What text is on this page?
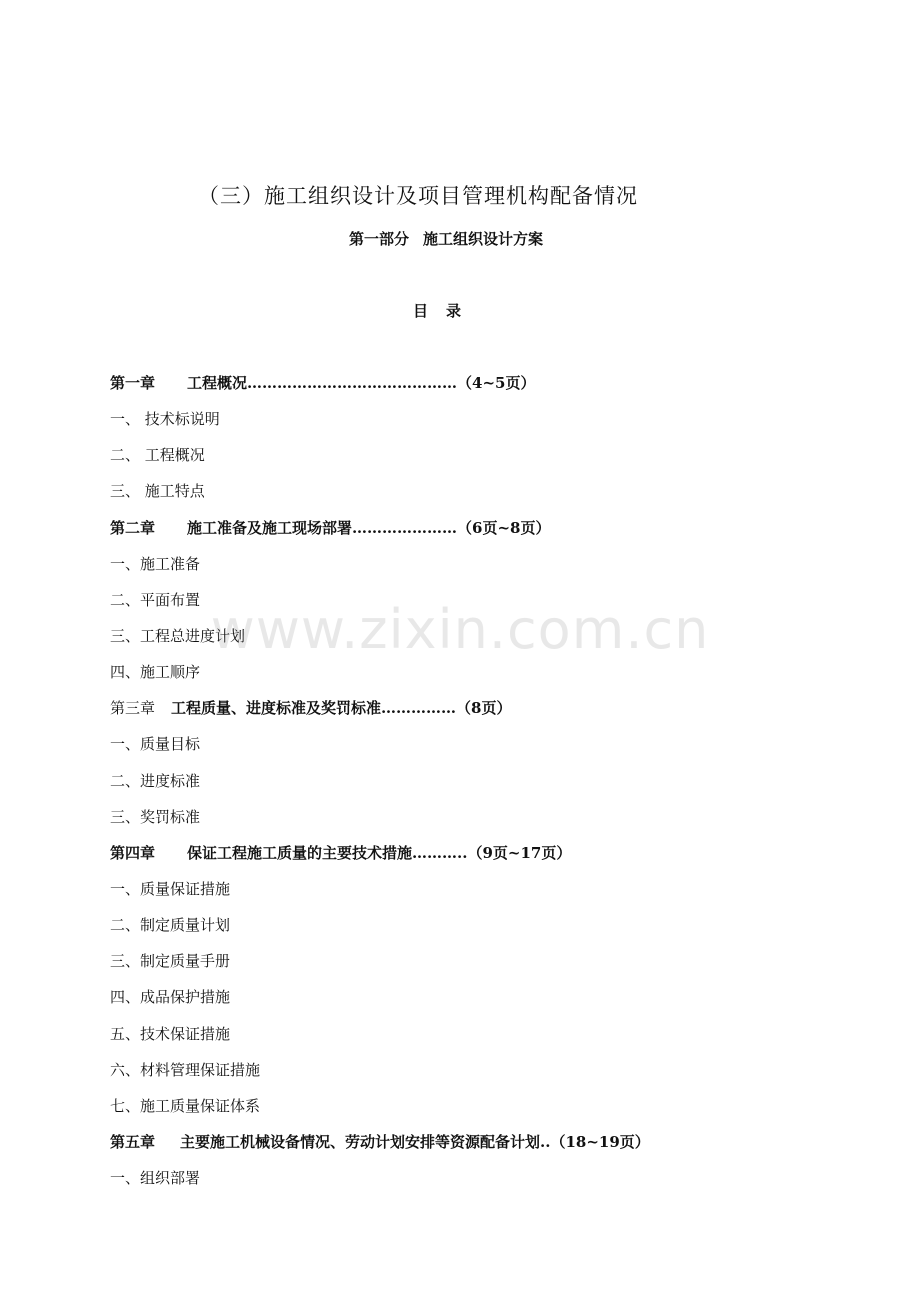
（三）施工组织设计及项目管理机构配备情况
第一部分 施工组织设计方案
目录
第一章 工程概况……………………………………（4~5页）
一、 技术标说明
二、 工程概况
三、 施工特点
第二章 施工准备及施工现场部署…………………（6页~8页）
一、施工准备
二、平面布置
三、工程总进度计划
四、施工顺序
第三章 工程质量、进度标准及奖罚标准……………（8页）
一、质量目标
二、进度标准
三、奖罚标准
第四章 保证工程施工质量的主要技术措施………..（9页~17页）
一、质量保证措施
二、制定质量计划
三、制定质量手册
四、成品保护措施
五、技术保证措施
六、材料管理保证措施
七、施工质量保证体系
第五章 主要施工机械设备情况、劳动计划安排等资源配备计划..（18~19页）
一、组织部署
www.zixin.com.cn
